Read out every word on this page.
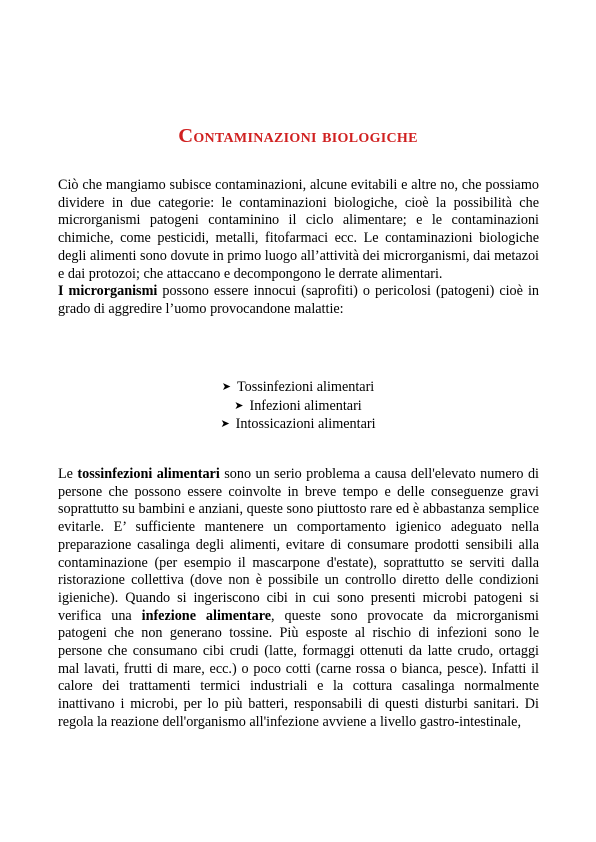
Contaminazioni biologiche
Ciò che mangiamo subisce contaminazioni, alcune evitabili e altre no, che possiamo dividere in due categorie: le contaminazioni biologiche, cioè la possibilità che microrganismi patogeni contaminino il ciclo alimentare; e le contaminazioni chimiche, come pesticidi, metalli, fitofarmaci ecc. Le contaminazioni biologiche degli alimenti sono dovute in primo luogo all’attività dei microrganismi, dai metazoi e dai protozoi; che attaccano e decompongono le derrate alimentari.
I microrganismi possono essere innocui (saprofiti) o pericolosi (patogeni) cioè in grado di aggredire l’uomo provocandone malattie:
➤ Tossinfezioni alimentari
➤ Infezioni alimentari
➤ Intossicazioni alimentari
Le tossinfezioni alimentari sono un serio problema a causa dell'elevato numero di persone che possono essere coinvolte in breve tempo e delle conseguenze gravi soprattutto su bambini e anziani, queste sono piuttosto rare ed è abbastanza semplice evitarle. E’ sufficiente mantenere un comportamento igienico adeguato nella preparazione casalinga degli alimenti, evitare di consumare prodotti sensibili alla contaminazione (per esempio il mascarpone d'estate), soprattutto se serviti dalla ristorazione collettiva (dove non è possibile un controllo diretto delle condizioni igieniche). Quando si ingeriscono cibi in cui sono presenti microbi patogeni si verifica una infezione alimentare, queste sono provocate da microrganismi patogeni che non generano tossine. Più esposte al rischio di infezioni sono le persone che consumano cibi crudi (latte, formaggi ottenuti da latte crudo, ortaggi mal lavati, frutti di mare, ecc.) o poco cotti (carne rossa o bianca, pesce). Infatti il calore dei trattamenti termici industriali e la cottura casalinga normalmente inattivano i microbi, per lo più batteri, responsabili di questi disturbi sanitari. Di regola la reazione dell'organismo all'infezione avviene a livello gastro-intestinale,
